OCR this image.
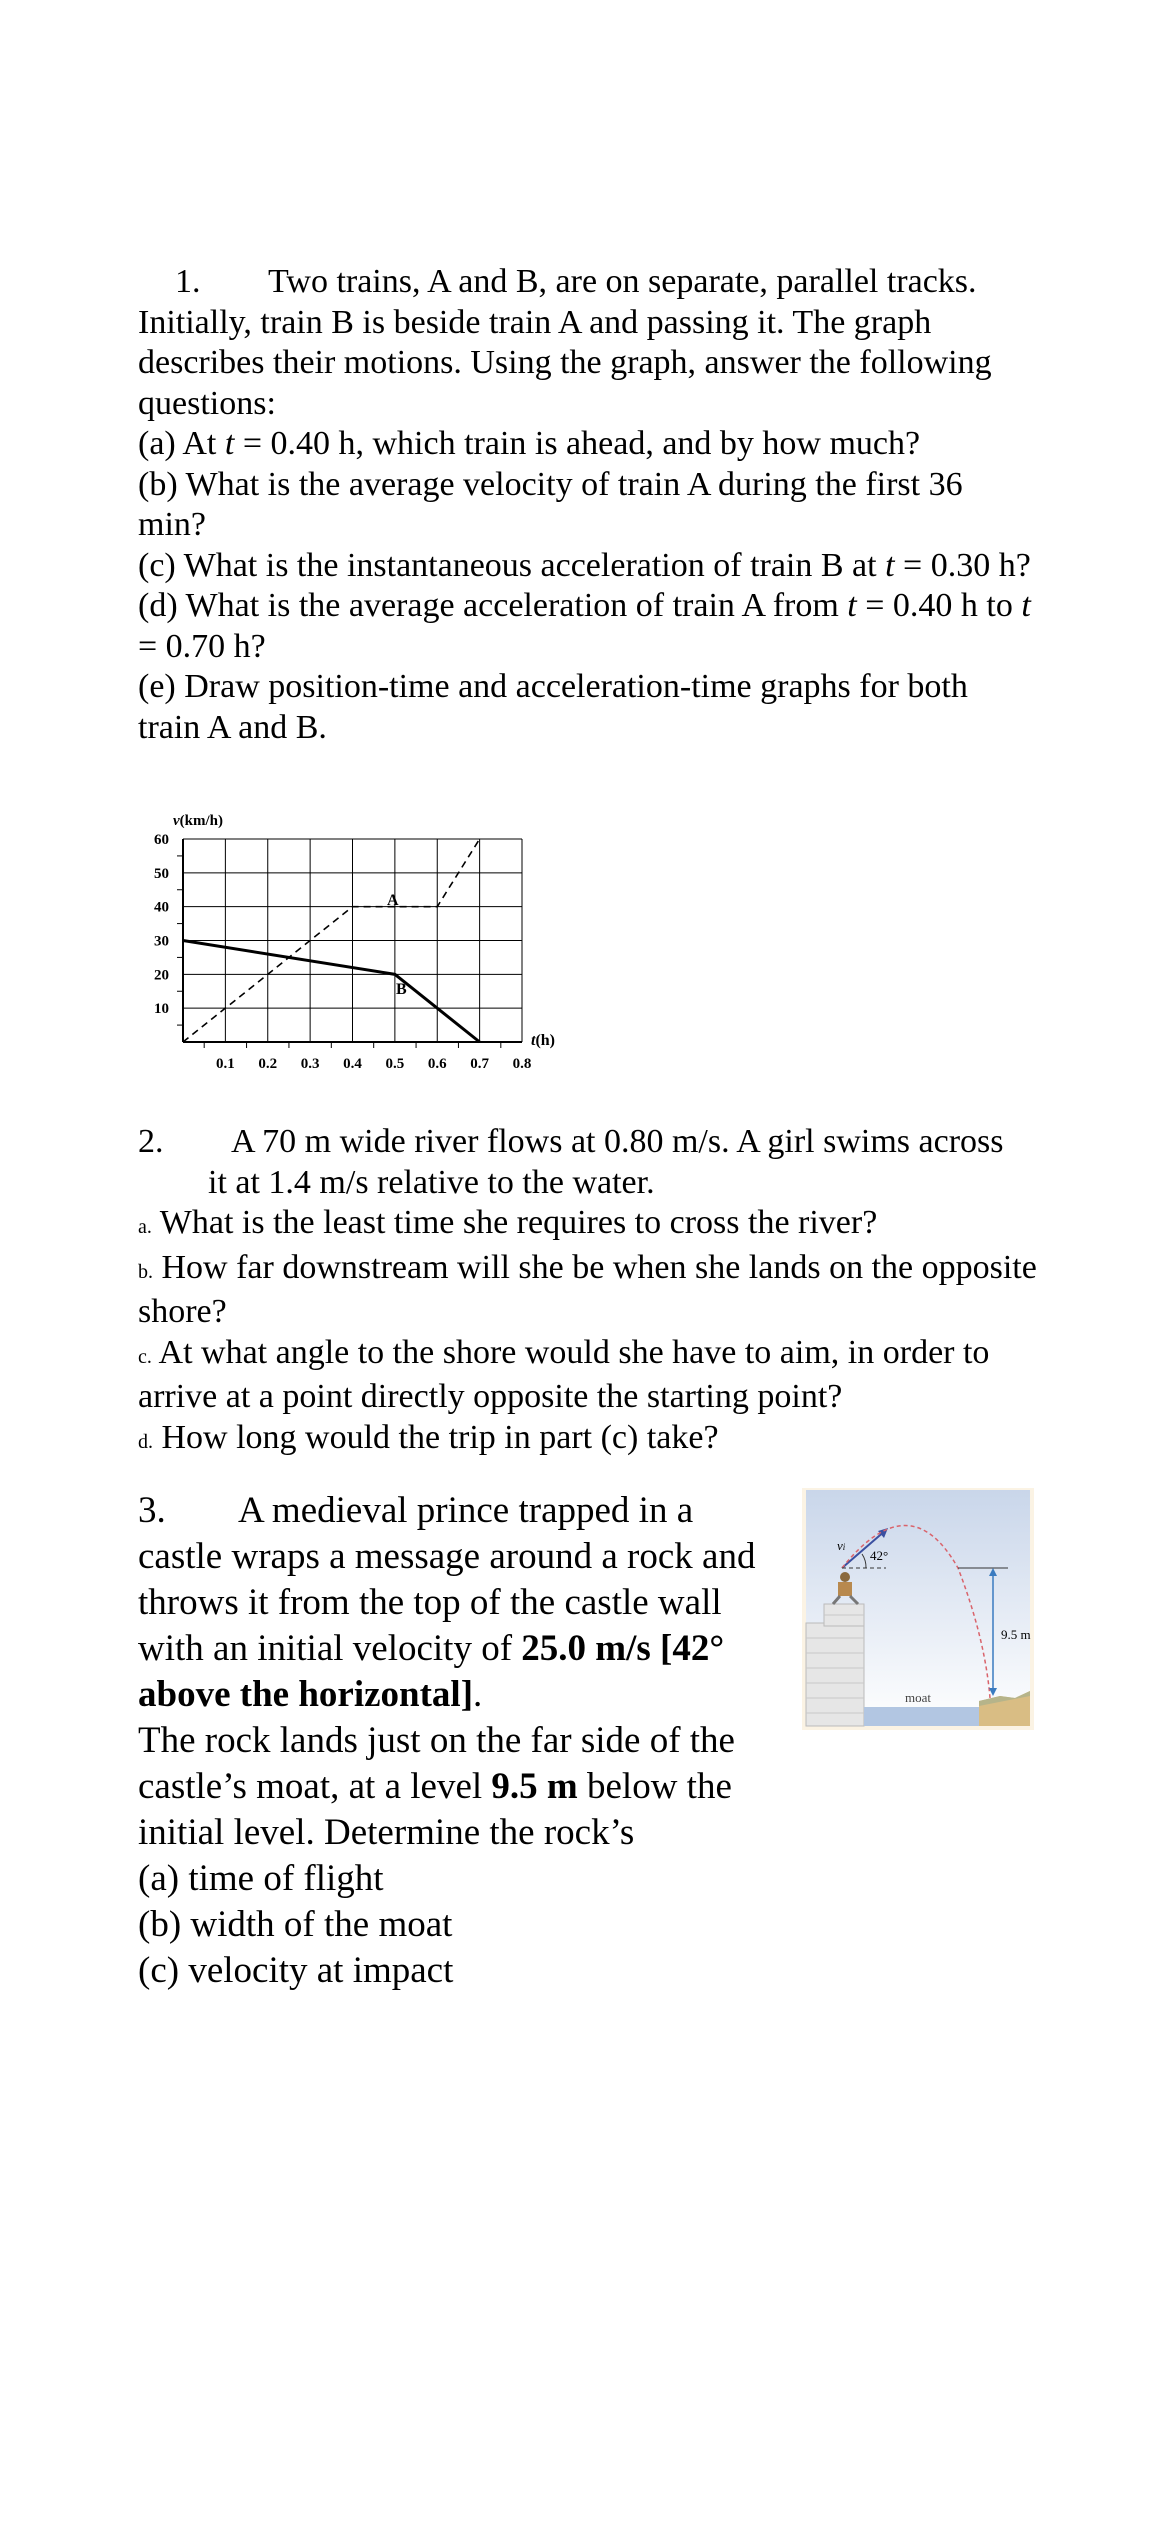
1. Two trains, A and B, are on separate, parallel tracks. Initially, train B is beside train A and passing it. The graph describes their motions. Using the graph, answer the following questions:

(a) At t = 0.40 h, which train is ahead, and by how much?

(b) What is the average velocity of train A during the first 36 min?

(c) What is the instantaneous acceleration of train B at t = 0.30 h?

(d) What is the average acceleration of train A from t = 0.40 h to t = 0.70 h?

(e) Draw position-time and acceleration-time graphs for both train A and B.

0.1 0.2 0.3 0.4 0.5 0.6 0.7 0.8
10
20
30
40
50
60
v(km/h)
t(h)
A
B

2. A 70 m wide river flows at 0.80 m/s. A girl swims across

it at 1.4 m/s relative to the water.

a. What is the least time she requires to cross the river?

b. How far downstream will she be when she lands on the opposite shore?

c. At what angle to the shore would she have to aim, in order to arrive at a point directly opposite the starting point?

d. How long would the trip in part (c) take?

3. A medieval prince trapped in a castle wraps a message around a rock and throws it from the top of the castle wall with an initial velocity of 25.0 m/s [42° above the horizontal].

The rock lands just on the far side of the castle’s moat, at a level 9.5 m below the initial level. Determine the rock’s

(a) time of flight

(b) width of the moat

(c) velocity at impact

42°
vi
9.5 m
moat
